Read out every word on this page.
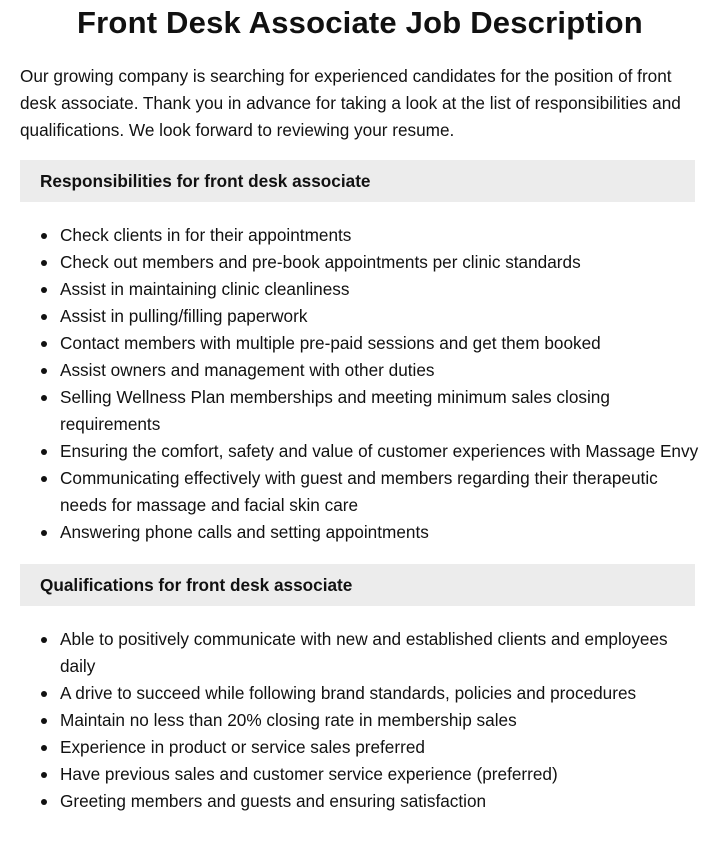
Front Desk Associate Job Description

Our growing company is searching for experienced candidates for the position of front desk associate. Thank you in advance for taking a look at the list of responsibilities and qualifications. We look forward to reviewing your resume.

Responsibilities for front desk associate
Check clients in for their appointments
Check out members and pre-book appointments per clinic standards
Assist in maintaining clinic cleanliness
Assist in pulling/filling paperwork
Contact members with multiple pre-paid sessions and get them booked
Assist owners and management with other duties
Selling Wellness Plan memberships and meeting minimum sales closing requirements
Ensuring the comfort, safety and value of customer experiences with Massage Envy
Communicating effectively with guest and members regarding their therapeutic needs for massage and facial skin care
Answering phone calls and setting appointments
Qualifications for front desk associate
Able to positively communicate with new and established clients and employees daily
A drive to succeed while following brand standards, policies and procedures
Maintain no less than 20% closing rate in membership sales
Experience in product or service sales preferred
Have previous sales and customer service experience (preferred)
Greeting members and guests and ensuring satisfaction
